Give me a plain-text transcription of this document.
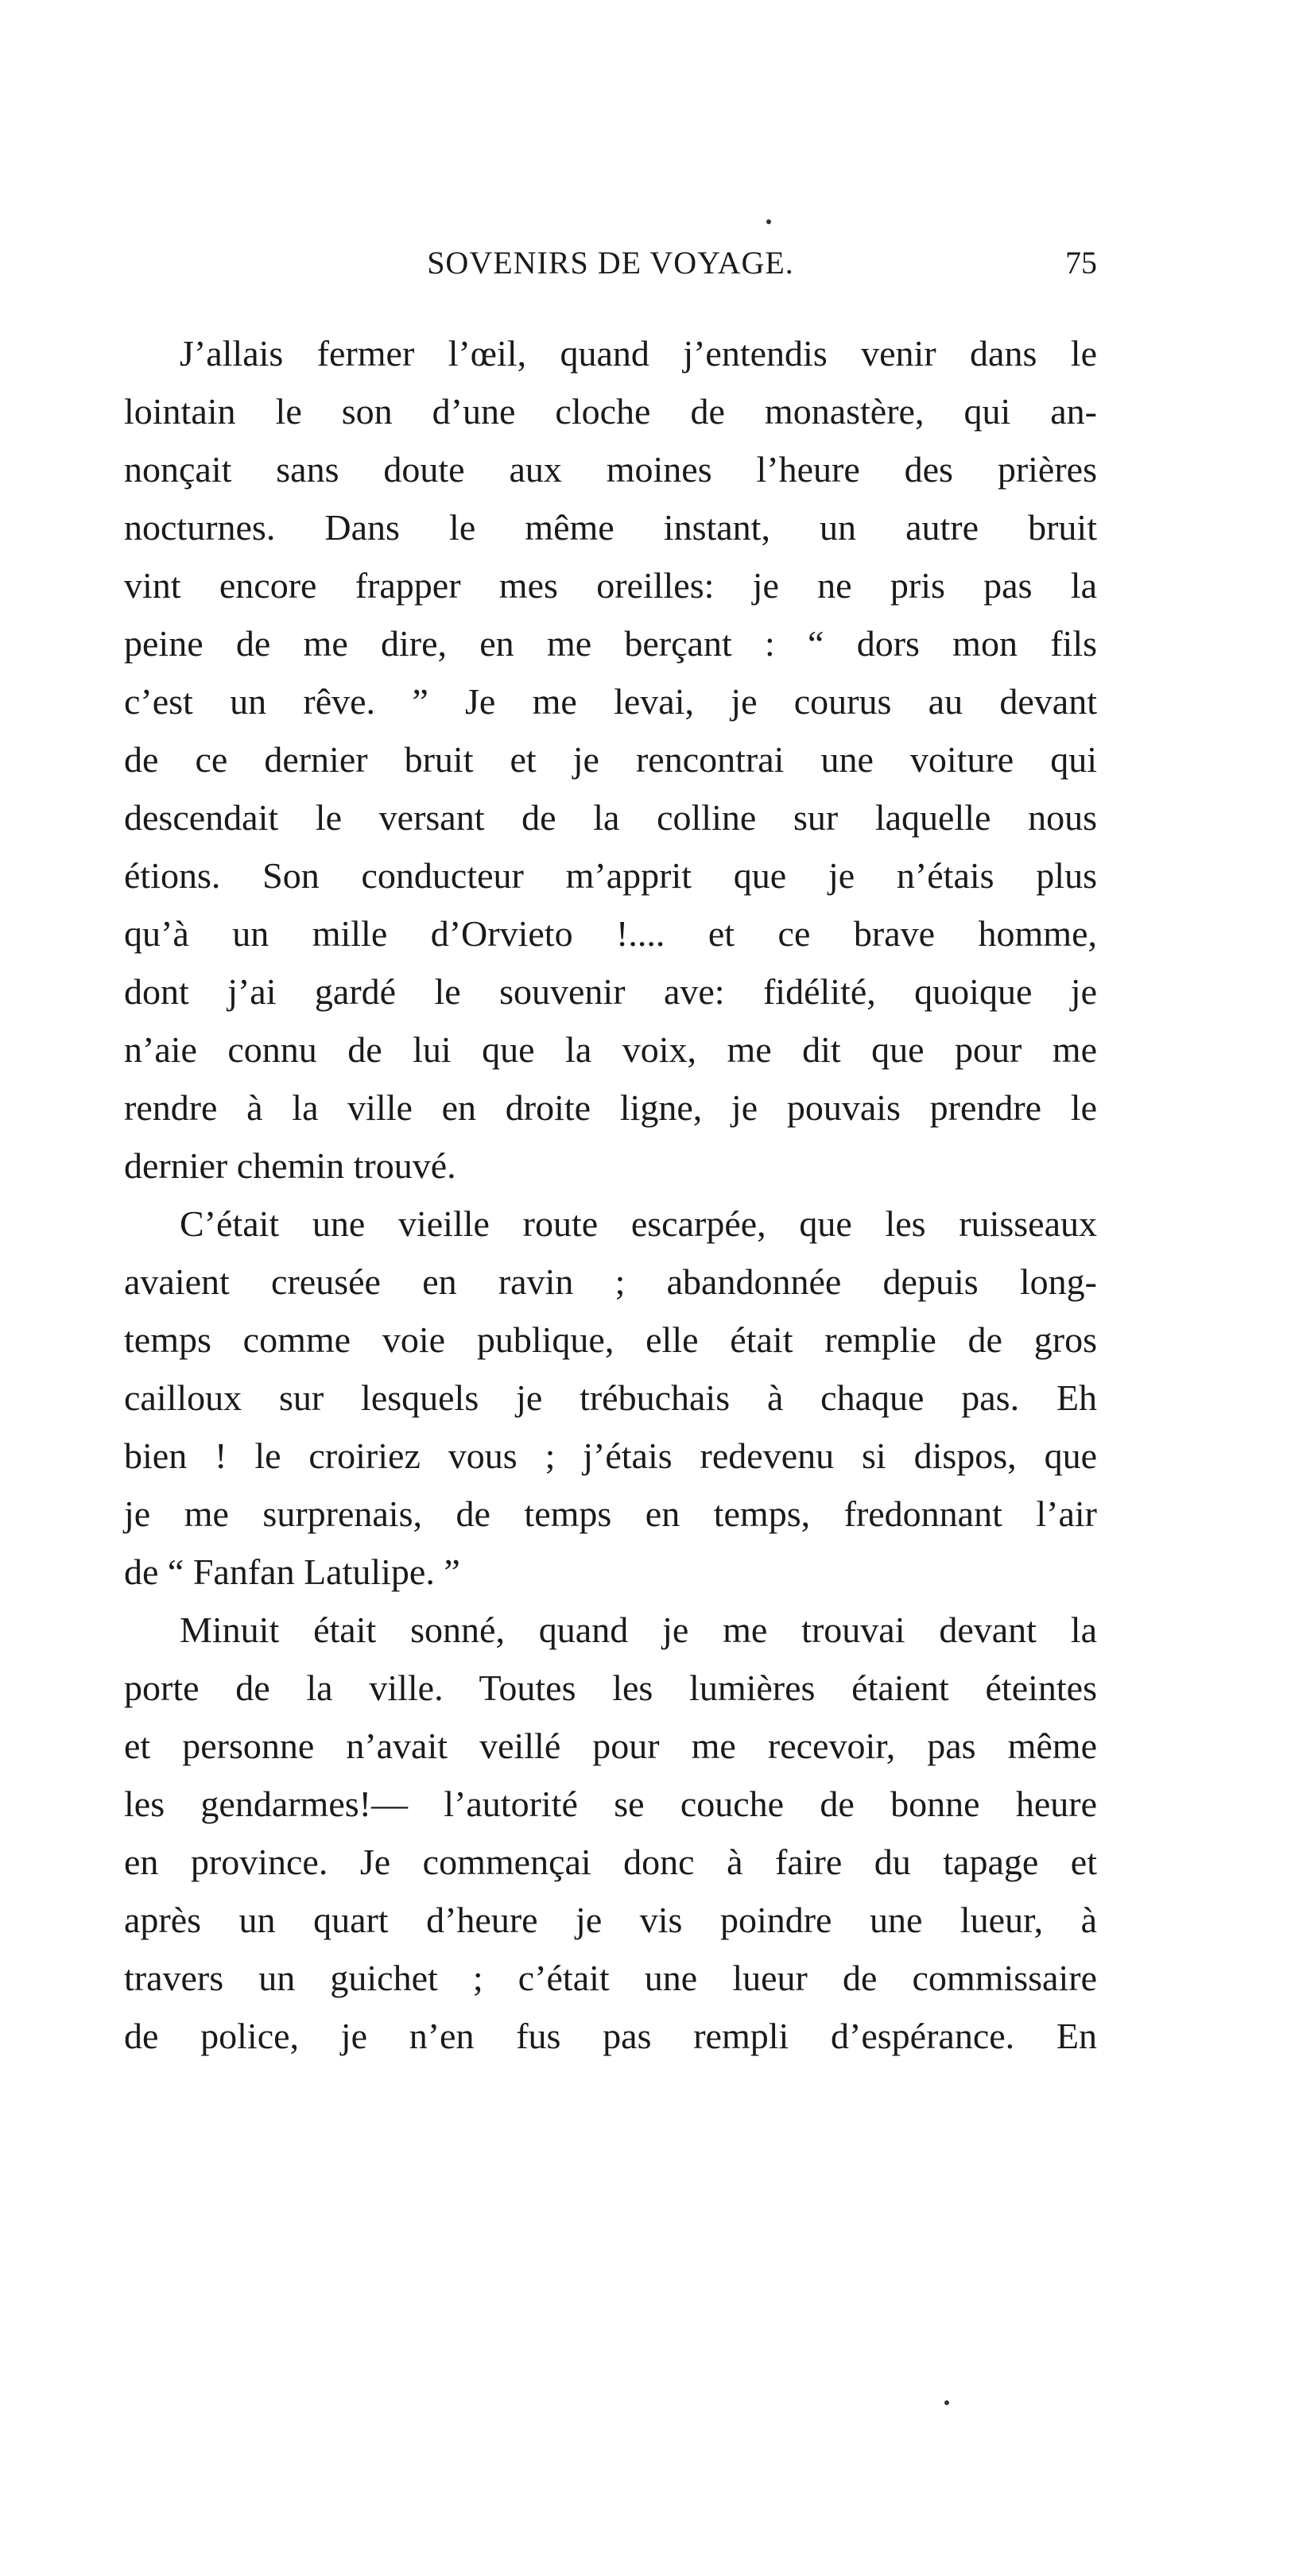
SOVENIRS DE VOYAGE.	75
J’allais fermer l’œil, quand j’entendis venir dans le
lointain le son d’une cloche de monastère, qui an-
nonçait sans doute aux moines l’heure des prières
nocturnes. Dans le même instant, un autre bruit
vint encore frapper mes oreilles: je ne pris pas la
peine de me dire, en me berçant : “ dors mon fils
c’est un rêve. ” Je me levai, je courus au devant
de ce dernier bruit et je rencontrai une voiture qui
descendait le versant de la colline sur laquelle nous
étions. Son conducteur m’apprit que je n’étais plus
qu’à un mille d’Orvieto !.... et ce brave homme,
dont j’ai gardé le souvenir ave: fidélité, quoique je
n’aie connu de lui que la voix, me dit que pour me
rendre à la ville en droite ligne, je pouvais prendre le
dernier chemin trouvé.
C’était une vieille route escarpée, que les ruisseaux
avaient creusée en ravin ; abandonnée depuis long-
temps comme voie publique, elle était remplie de gros
cailloux sur lesquels je trébuchais à chaque pas. Eh
bien ! le croiriez vous ; j’étais redevenu si dispos, que
je me surprenais, de temps en temps, fredonnant l’air
de “ Fanfan Latulipe. ”
Minuit était sonné, quand je me trouvai devant la
porte de la ville. Toutes les lumières étaient éteintes
et personne n’avait veillé pour me recevoir, pas même
les gendarmes!— l’autorité se couche de bonne heure
en province. Je commençai donc à faire du tapage et
après un quart d’heure je vis poindre une lueur, à
travers un guichet ; c’était une lueur de commissaire
de police, je n’en fus pas rempli d’espérance. En
